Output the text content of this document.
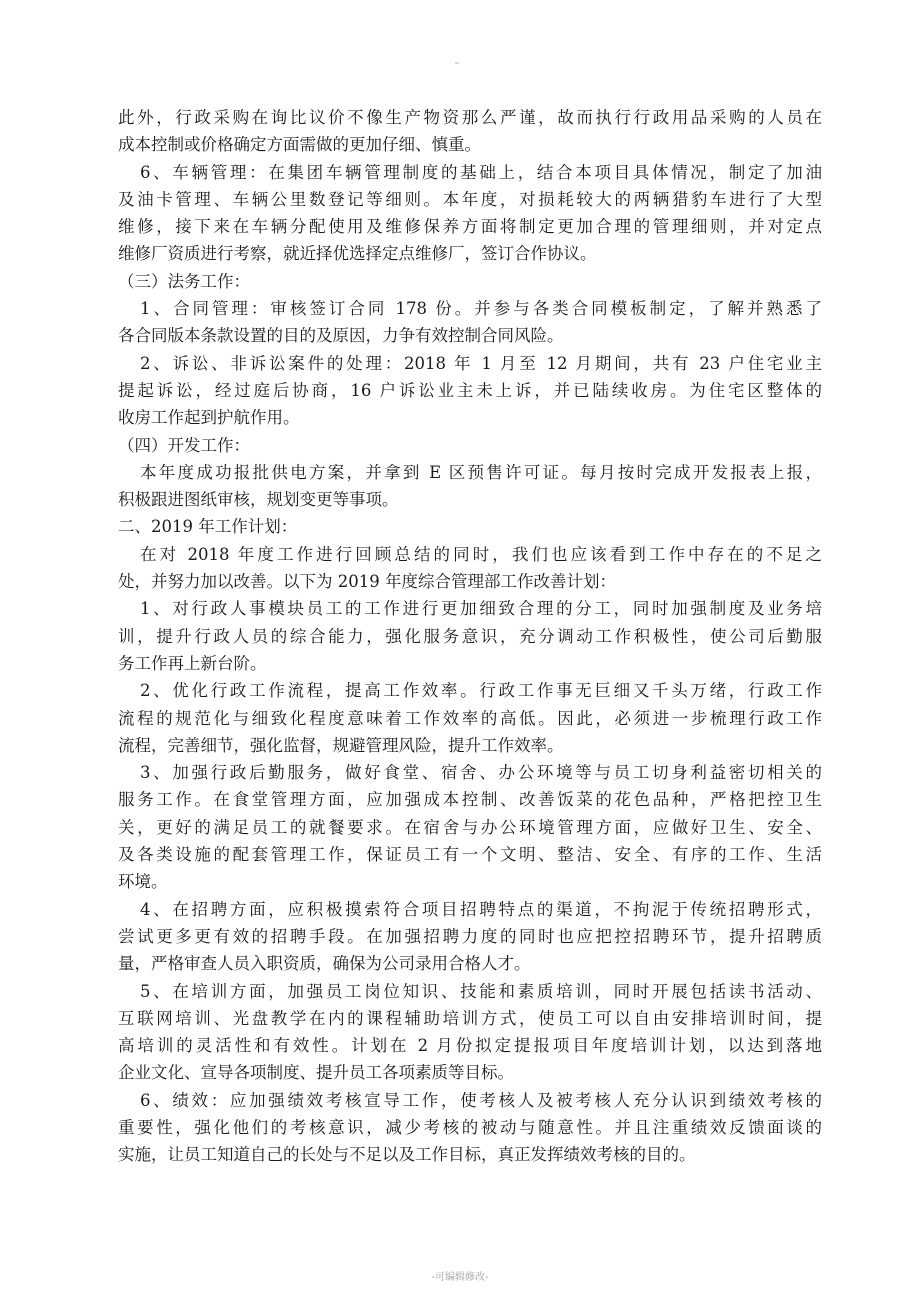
此外，行政采购在询比议价不像生产物资那么严谨，故而执行行政用品采购的人员在
成本控制或价格确定方面需做的更加仔细、慎重。
6、车辆管理：在集团车辆管理制度的基础上，结合本项目具体情况，制定了加油
及油卡管理、车辆公里数登记等细则。本年度，对损耗较大的两辆猎豹车进行了大型
维修，接下来在车辆分配使用及维修保养方面将制定更加合理的管理细则，并对定点
维修厂资质进行考察，就近择优选择定点维修厂，签订合作协议。
（三）法务工作：
1、合同管理：审核签订合同 178 份。并参与各类合同模板制定，了解并熟悉了
各合同版本条款设置的目的及原因，力争有效控制合同风险。
2、诉讼、非诉讼案件的处理：2018 年 1 月至 12 月期间，共有 23 户住宅业主
提起诉讼，经过庭后协商，16 户诉讼业主未上诉，并已陆续收房。为住宅区整体的
收房工作起到护航作用。
（四）开发工作：
本年度成功报批供电方案，并拿到 E 区预售许可证。每月按时完成开发报表上报，
积极跟进图纸审核，规划变更等事项。
二、2019 年工作计划：
在对 2018 年度工作进行回顾总结的同时，我们也应该看到工作中存在的不足之
处，并努力加以改善。以下为 2019 年度综合管理部工作改善计划：
1、对行政人事模块员工的工作进行更加细致合理的分工，同时加强制度及业务培
训，提升行政人员的综合能力，强化服务意识，充分调动工作积极性，使公司后勤服
务工作再上新台阶。
2、优化行政工作流程，提高工作效率。行政工作事无巨细又千头万绪，行政工作
流程的规范化与细致化程度意味着工作效率的高低。因此，必须进一步梳理行政工作
流程，完善细节，强化监督，规避管理风险，提升工作效率。
3、加强行政后勤服务，做好食堂、宿舍、办公环境等与员工切身利益密切相关的
服务工作。在食堂管理方面，应加强成本控制、改善饭菜的花色品种，严格把控卫生
关，更好的满足员工的就餐要求。在宿舍与办公环境管理方面，应做好卫生、安全、
及各类设施的配套管理工作，保证员工有一个文明、整洁、安全、有序的工作、生活
环境。
4、在招聘方面，应积极摸索符合项目招聘特点的渠道，不拘泥于传统招聘形式，
尝试更多更有效的招聘手段。在加强招聘力度的同时也应把控招聘环节，提升招聘质
量，严格审查人员入职资质，确保为公司录用合格人才。
5、在培训方面，加强员工岗位知识、技能和素质培训，同时开展包括读书活动、
互联网培训、光盘教学在内的课程辅助培训方式，使员工可以自由安排培训时间，提
高培训的灵活性和有效性。计划在 2 月份拟定提报项目年度培训计划，以达到落地
企业文化、宣导各项制度、提升员工各项素质等目标。
6、绩效：应加强绩效考核宣导工作，使考核人及被考核人充分认识到绩效考核的
重要性，强化他们的考核意识，减少考核的被动与随意性。并且注重绩效反馈面谈的
实施，让员工知道自己的长处与不足以及工作目标，真正发挥绩效考核的目的。
-可编辑修改-
